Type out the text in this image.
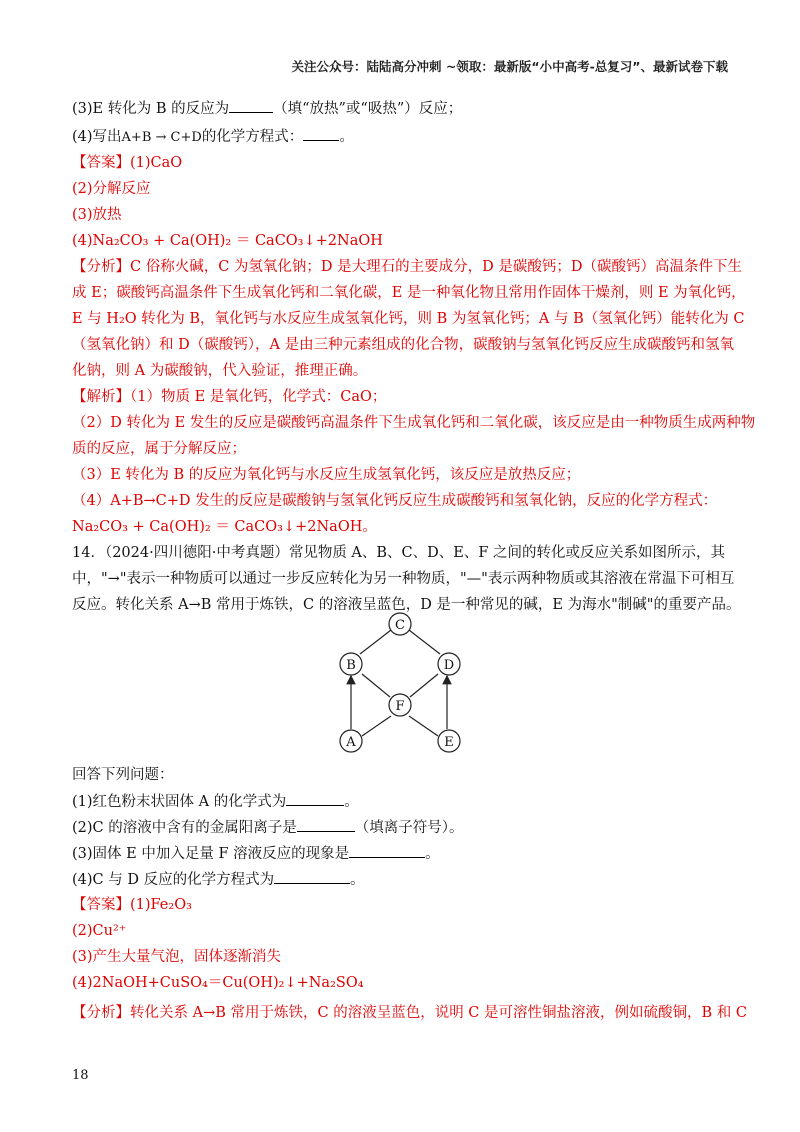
关注公众号：陆陆高分冲刺 ~领取：最新版“小中高考-总复习”、最新试卷下载
(3)E 转化为 B 的反应为	（填“放热”或“吸热”）反应；
(4)写出A+B → C+D的化学方程式： 。
【答案】(1)CaO
(2)分解反应
(3)放热
(4)Na₂CO₃ + Ca(OH)₂ ＝ CaCO₃↓+2NaOH
【分析】C 俗称火碱，C 为氢氧化钠；D 是大理石的主要成分，D 是碳酸钙；D（碳酸钙）高温条件下生
成 E；碳酸钙高温条件下生成氧化钙和二氧化碳，E 是一种氧化物且常用作固体干燥剂，则 E 为氧化钙，
E 与 H₂O 转化为 B，氧化钙与水反应生成氢氧化钙，则 B 为氢氧化钙；A 与 B（氢氧化钙）能转化为 C
（氢氧化钠）和 D（碳酸钙），A 是由三种元素组成的化合物，碳酸钠与氢氧化钙反应生成碳酸钙和氢氧
化钠，则 A 为碳酸钠，代入验证，推理正确。
【解析】（1）物质 E 是氧化钙，化学式：CaO；
（2）D 转化为 E 发生的反应是碳酸钙高温条件下生成氧化钙和二氧化碳，该反应是由一种物质生成两种物
质的反应，属于分解反应；
（3）E 转化为 B 的反应为氧化钙与水反应生成氢氧化钙，该反应是放热反应；
（4）A+B→C+D 发生的反应是碳酸钠与氢氧化钙反应生成碳酸钙和氢氧化钠，反应的化学方程式：
Na₂CO₃ + Ca(OH)₂ ＝ CaCO₃↓+2NaOH。
14．（2024·四川德阳·中考真题）常见物质 A、B、C、D、E、F 之间的转化或反应关系如图所示，其
中，"→"表示一种物质可以通过一步反应转化为另一种物质，"—"表示两种物质或其溶液在常温下可相互
反应。转化关系 A→B 常用于炼铁，C 的溶液呈蓝色，D 是一种常见的碱，E 为海水"制碱"的重要产品。
C
B	D
F
A	E
回答下列问题：
(1)红色粉末状固体 A 的化学式为	。
(2)C 的溶液中含有的金属阳离子是	（填离子符号）。
(3)固体 E 中加入足量 F 溶液反应的现象是	。
(4)C 与 D 反应的化学方程式为	。
【答案】(1)Fe₂O₃
(2)Cu²⁺
(3)产生大量气泡，固体逐渐消失
(4)2NaOH+CuSO₄＝Cu(OH)₂↓+Na₂SO₄
【分析】转化关系 A→B 常用于炼铁，C 的溶液呈蓝色，说明 C 是可溶性铜盐溶液，例如硫酸铜，B 和 C
18
